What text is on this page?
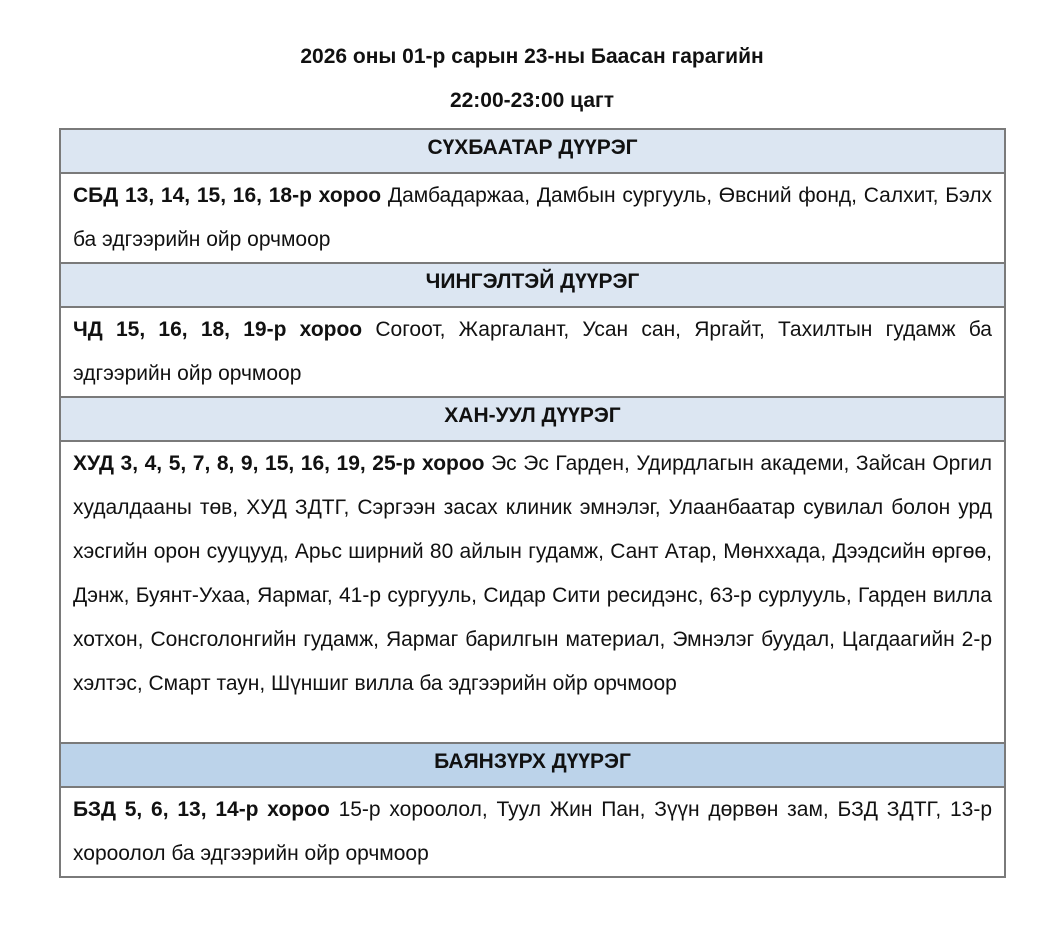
2026 оны 01-р сарын 23-ны Баасан гарагийн
22:00-23:00 цагт
СҮХБААТАР ДҮҮРЭГ
СБД 13, 14, 15, 16, 18-р хороо Дамбадаржаа, Дамбын сургууль, Өвсний фонд, Салхит, Бэлх ба эдгээрийн ойр орчмоор
ЧИНГЭЛТЭЙ ДҮҮРЭГ
ЧД 15, 16, 18, 19-р хороо Согоот, Жаргалант, Усан сан, Яргайт, Тахилтын гудамж ба эдгээрийн ойр орчмоор
ХАН-УУЛ ДҮҮРЭГ
ХУД 3, 4, 5, 7, 8, 9, 15, 16, 19, 25-р хороо Эс Эс Гарден, Удирдлагын академи, Зайсан Оргил худалдааны төв, ХУД ЗДТГ, Сэргээн засах клиник эмнэлэг, Улаанбаатар сувилал болон урд хэсгийн орон сууцууд, Арьс ширний 80 айлын гудамж, Сант Атар, Мөнххада, Дээдсийн өргөө, Дэнж, Буянт-Ухаа, Яармаг, 41-р сургууль, Сидар Сити ресидэнс, 63-р сурлууль, Гарден вилла хотхон, Сонсголонгийн гудамж, Яармаг барилгын материал, Эмнэлэг буудал, Цагдаагийн 2-р хэлтэс, Смарт таун, Шүншиг вилла ба эдгээрийн ойр орчмоор
БАЯНЗҮРХ ДҮҮРЭГ
БЗД 5, 6, 13, 14-р хороо 15-р хороолол, Туул Жин Пан, Зүүн дөрвөн зам, БЗД ЗДТГ, 13-р хороолол ба эдгээрийн ойр орчмоор
